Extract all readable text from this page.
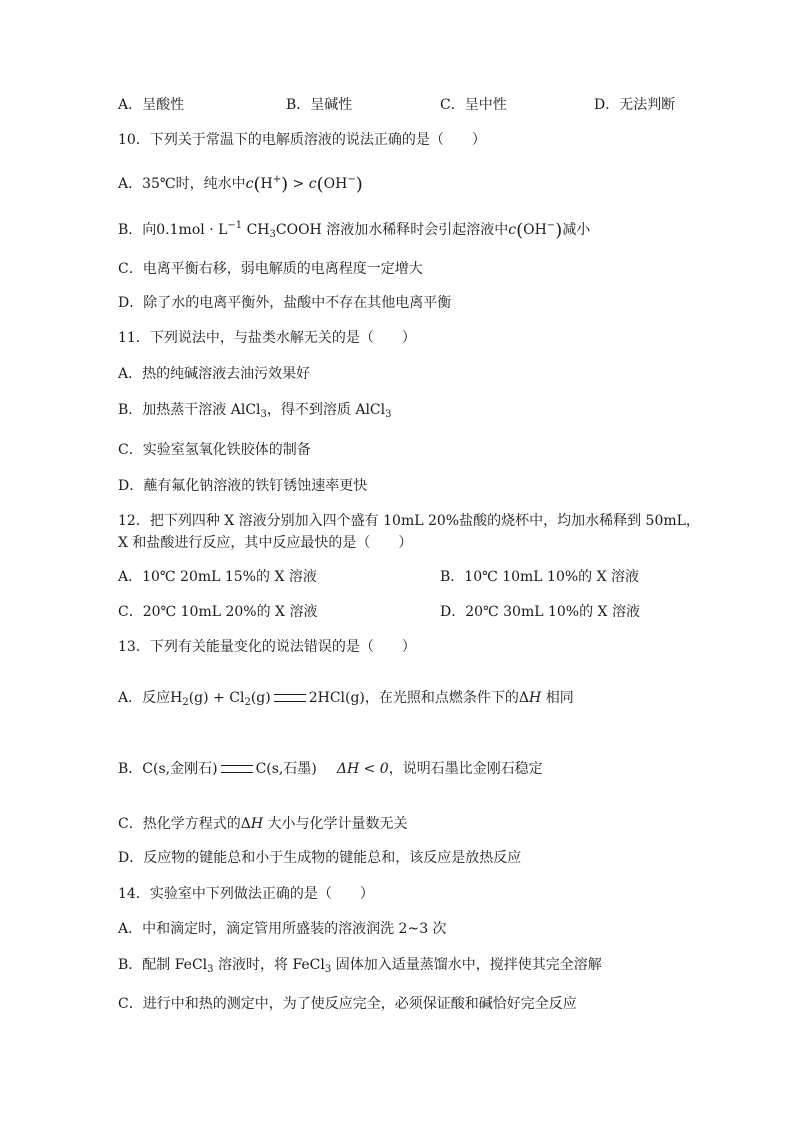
A．呈酸性	B．呈碱性	C．呈中性	D．无法判断
10．下列关于常温下的电解质溶液的说法正确的是（　　）
A．35℃时，纯水中c(H+) > c(OH−)
B．向$0.1mol \cdot L^{-1}$ $CH_3COOH$ 溶液加水稀释时会引起溶液中c(OH−)减小
C．电离平衡右移，弱电解质的电离程度一定增大
D．除了水的电离平衡外，盐酸中不存在其他电离平衡
11．下列说法中，与盐类水解无关的是（　　）
A．热的纯碱溶液去油污效果好
B．加热蒸干溶液 AlCl$_3$，得不到溶质 AlCl$_3$
C．实验室氢氧化铁胶体的制备
D．蘸有氟化钠溶液的铁钉锈蚀速率更快
12．把下列四种 X 溶液分别加入四个盛有 10mL 20%盐酸的烧杯中，均加水稀释到 50mL，
X 和盐酸进行反应，其中反应最快的是（　　）
A．10℃ 20mL 15%的 X 溶液	B．10℃ 10mL 10%的 X 溶液
C．20℃ 10mL 20%的 X 溶液	D．20℃ 30mL 10%的 X 溶液
13．下列有关能量变化的说法错误的是（　　）
A．反应$H_2(g) + Cl_2(g)$	2HCl(g)，在光照和点燃条件下的ΔH 相同
B．C(s,金刚石)	C(s,石墨) ΔH < 0，说明石墨比金刚石稳定
C．热化学方程式的ΔH 大小与化学计量数无关
D．反应物的键能总和小于生成物的键能总和，该反应是放热反应
14．实验室中下列做法正确的是（　　）
A．中和滴定时，滴定管用所盛装的溶液润洗 2~3 次
B．配制 FeCl$_3$ 溶液时，将 FeCl$_3$ 固体加入适量蒸馏水中，搅拌使其完全溶解
C．进行中和热的测定中，为了使反应完全，必须保证酸和碱恰好完全反应
